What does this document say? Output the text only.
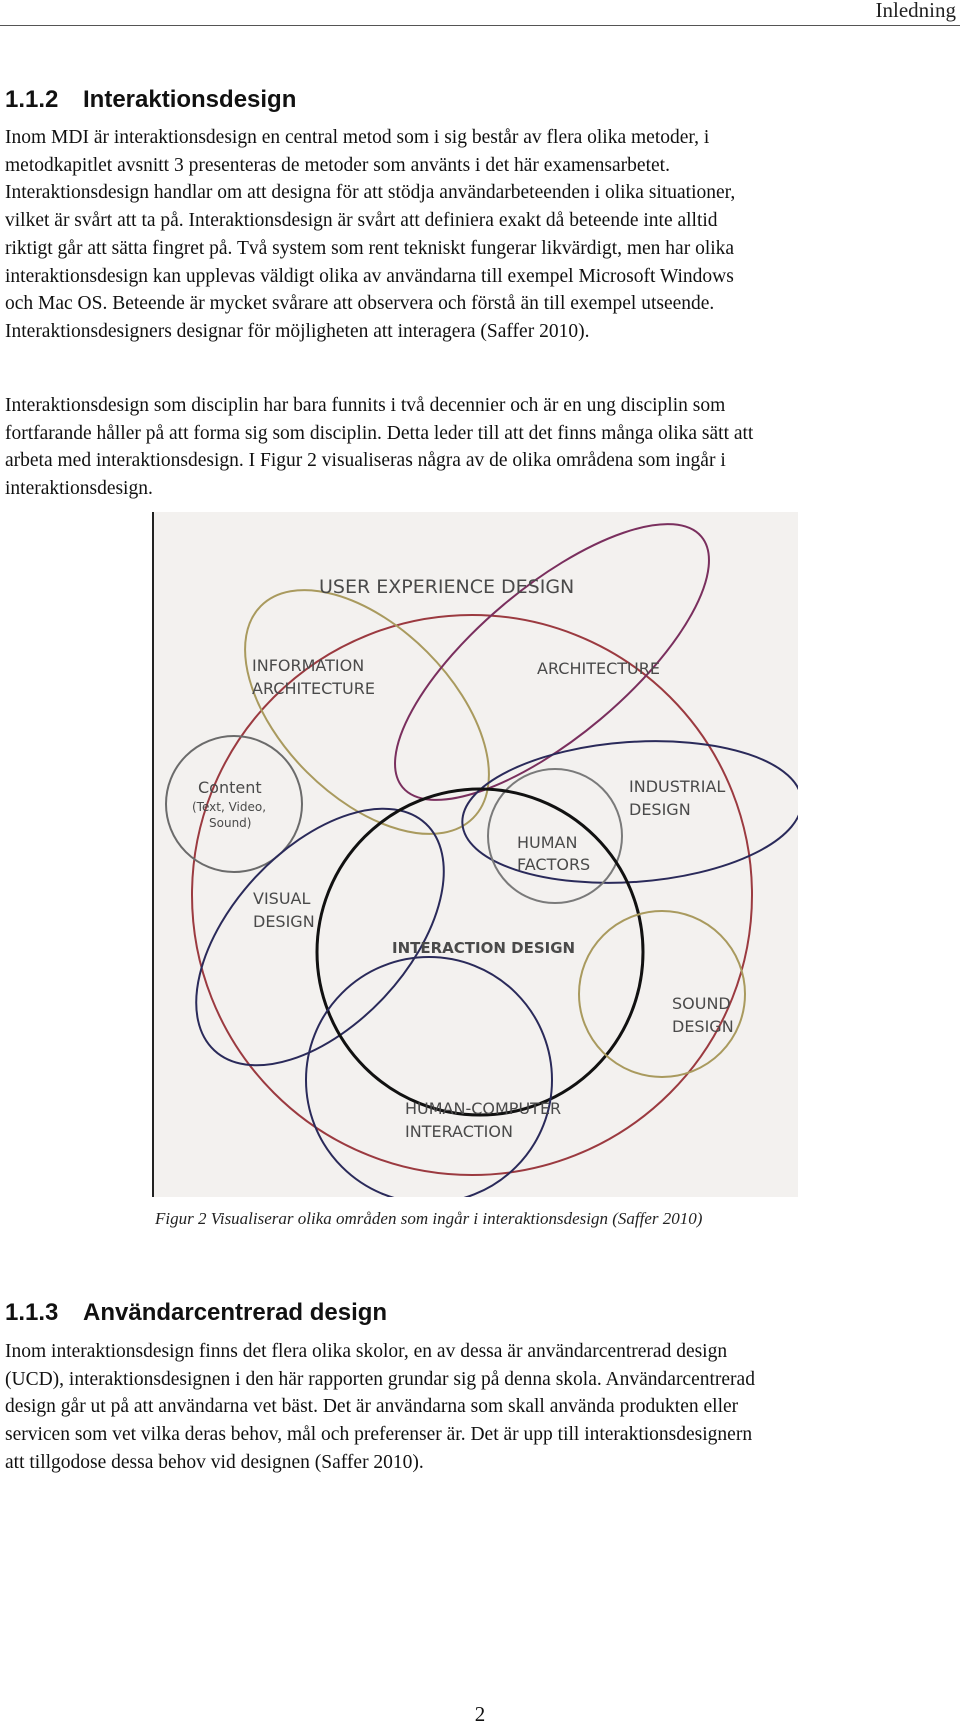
Inledning
1.1.2 Interaktionsdesign

Inom MDI är interaktionsdesign en central metod som i sig består av flera olika metoder, i
metodkapitlet avsnitt 3 presenteras de metoder som använts i det här examensarbetet.
Interaktionsdesign handlar om att designa för att stödja användarbeteenden i olika situationer,
vilket är svårt att ta på. Interaktionsdesign är svårt att definiera exakt då beteende inte alltid
riktigt går att sätta fingret på. Två system som rent tekniskt fungerar likvärdigt, men har olika
interaktionsdesign kan upplevas väldigt olika av användarna till exempel Microsoft Windows
och Mac OS. Beteende är mycket svårare att observera och förstå än till exempel utseende.
Interaktionsdesigners designar för möjligheten att interagera (Saffer 2010).

Interaktionsdesign som disciplin har bara funnits i två decennier och är en ung disciplin som
fortfarande håller på att forma sig som disciplin. Detta leder till att det finns många olika sätt att
arbeta med interaktionsdesign. I Figur 2 visualiseras några av de olika områdena som ingår i
interaktionsdesign.

USER EXPERIENCE DESIGN
INFORMATION
ARCHITECTURE
ARCHITECTURE
Content
(Text, Video,
Sound)
INDUSTRIAL
DESIGN
HUMAN
FACTORS
VISUAL
DESIGN
INTERACTION DESIGN
SOUND
DESIGN
HUMAN-COMPUTER
INTERACTION

Figur 2 Visualiserar olika områden som ingår i interaktionsdesign (Saffer 2010)

1.1.3 Användarcentrerad design

Inom interaktionsdesign finns det flera olika skolor, en av dessa är användarcentrerad design
(UCD), interaktionsdesignen i den här rapporten grundar sig på denna skola. Användarcentrerad
design går ut på att användarna vet bäst. Det är användarna som skall använda produkten eller
servicen som vet vilka deras behov, mål och preferenser är. Det är upp till interaktionsdesignern
att tillgodose dessa behov vid designen (Saffer 2010).

2
